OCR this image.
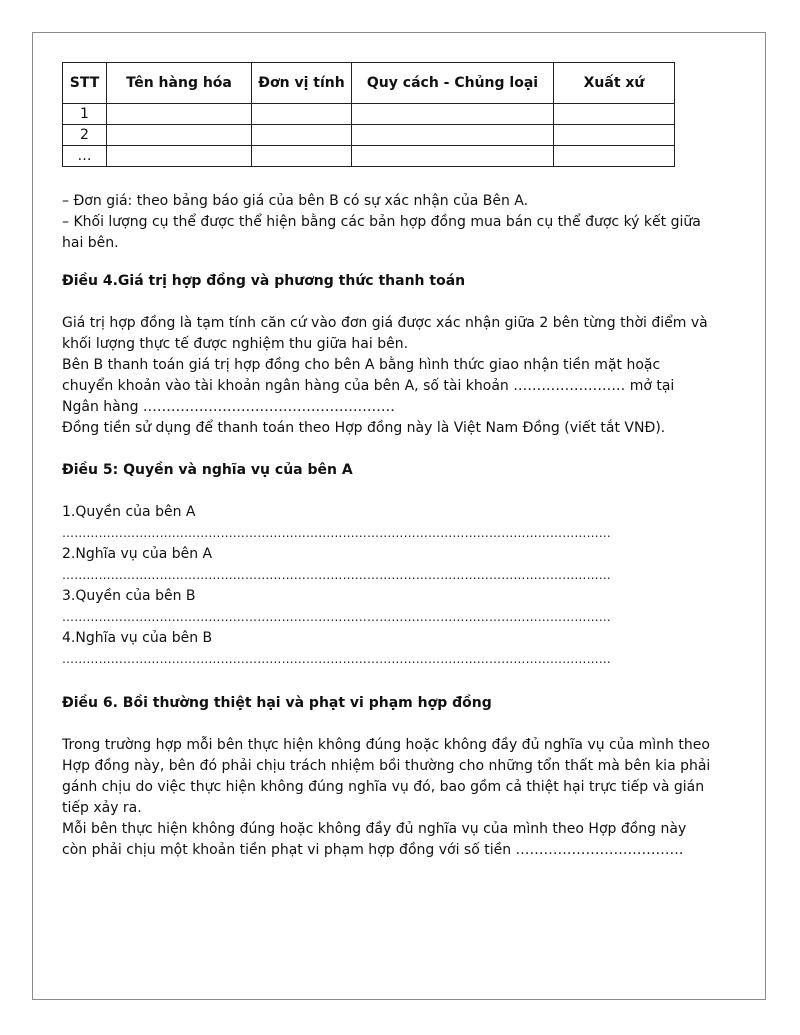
STT	Tên hàng hóa	Đơn vị tính	Quy cách - Chủng loại	Xuất xứ
1				
2				
…				

– Đơn giá: theo bảng báo giá của bên B có sự xác nhận của Bên A.

– Khối lượng cụ thể được thể hiện bằng các bản hợp đồng mua bán cụ thể được ký kết giữa hai bên.

Điều 4.Giá trị hợp đồng và phương thức thanh toán

Giá trị hợp đồng là tạm tính căn cứ vào đơn giá được xác nhận giữa 2 bên từng thời điểm và khối lượng thực tế được nghiệm thu giữa hai bên.

Bên B thanh toán giá trị hợp đồng cho bên A bằng hình thức giao nhận tiền mặt hoặc chuyển khoản vào tài khoản ngân hàng của bên A, số tài khoản …………………… mở tại Ngân hàng ………………………………………………

Đồng tiền sử dụng để thanh toán theo Hợp đồng này là Việt Nam Đồng (viết tắt VNĐ).

Điều 5: Quyền và nghĩa vụ của bên A

1.Quyền của bên A

………………………………………………………………………………………………………………………

2.Nghĩa vụ của bên A

………………………………………………………………………………………………………………………

3.Quyền của bên B

………………………………………………………………………………………………………………………

4.Nghĩa vụ của bên B

………………………………………………………………………………………………………………………

Điều 6. Bồi thường thiệt hại và phạt vi phạm hợp đồng

Trong trường hợp mỗi bên thực hiện không đúng hoặc không đầy đủ nghĩa vụ của mình theo Hợp đồng này, bên đó phải chịu trách nhiệm bồi thường cho những tổn thất mà bên kia phải gánh chịu do việc thực hiện không đúng nghĩa vụ đó, bao gồm cả thiệt hại trực tiếp và gián tiếp xảy ra.

Mỗi bên thực hiện không đúng hoặc không đầy đủ nghĩa vụ của mình theo Hợp đồng này còn phải chịu một khoản tiền phạt vi phạm hợp đồng với số tiền ………………………………
